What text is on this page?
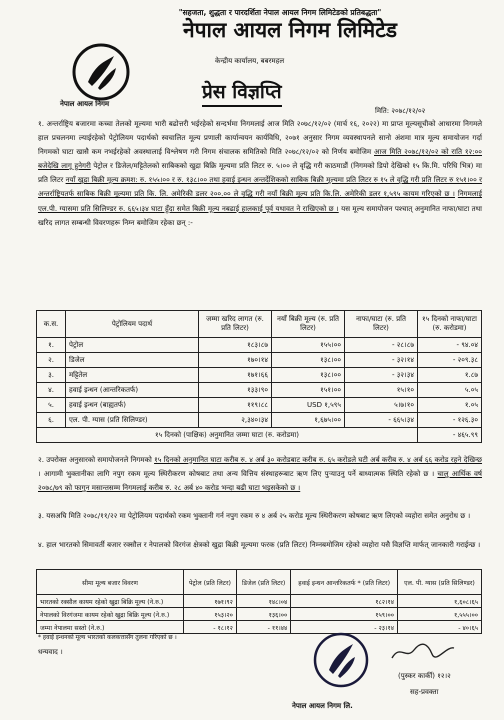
"सहजता, शुद्धता र पारदर्शिता नेपाल आयल निगम लिमिटेडको प्रतिबद्धता"
नेपाल आयल निगम
नेपाल आयल निगम लिमिटेड
केन्द्रीय कार्यालय, बबरमहल
प्रेस विज्ञप्ति
मिति: २०७८/१२/०२
१. अन्तर्राष्ट्रिय बजारमा कच्चा तेलको मूल्यमा भारी बढोत्तरी भईरहेको सन्दर्भमा निगमलाई आज मिति २०७८/१२/०२ (मार्च १६, २०२२) मा प्राप्त मूल्यसूचीको आधारमा निगमले हाल प्रचलनमा ल्याईरहेको पेट्रोलियम पदार्थको स्वचालित मूल्य प्रणाली कार्यान्वयन कार्यविधि, २०७१ अनुसार निगम व्यवस्थापनले सानो अंशमा मात्र मूल्य समायोजन गर्दा निगमको घाटा खासै कम नभईरहेको अवस्थालाई विश्लेषण गरी निगम संचालक समितिको मिति २०७८/१२/०२ को निर्णय बमोजिम आज मिति २०७८/१२/०२ को राति १२:०० बजेदेखि लागू हुनेगरी पेट्रोल र डिजेल/मट्टितेलको साबिकको खुद्रा बिक्रि मूल्यमा प्रति लिटर रु. ५।०० ले वृद्धि गरी काठमाडौं (निगमको डिपो देखिको १५ कि.मि. परिधि भित्र) मा प्रति लिटर नयाँ खुद्रा बिक्री मूल्य क्रमश: रु. १५५।०० र रु. १३८।०० तथा हवाई इन्धन अन्तर्देशिकको साबिक बिक्री मूल्यमा प्रति लिटर रु १५ ले वृद्धि गरी प्रति लिटर रु १५१।०० र अन्तर्राष्ट्रियतर्फ साबिक बिक्री मूल्यमा प्रति कि. लि. अमेरिकी डलर २००.०० ले वृद्धि गरी नयाँ बिक्री मूल्य प्रति कि.लि. अमेरिकी डलर १,५९५ कायम गरिएको छ । निगमलाई एल.पी. ग्यासमा प्रति सिलिण्डर रु. ६६५।३४ घाटा हुँदा समेत बिक्री मूल्य नबढाई हालकाई पूर्व यथावत ने राखिएको छ । यस मूल्य समायोजन पश्चात् अनुमानित नाफा/घाटा तथा खरिद लागत सम्बन्धी विवरणहरू निम्न बमोजिम रहेका छन् :-
क.स.	पेट्रोलियम पदार्थ	जम्मा खरिद लागत (रु. प्रति लिटर)	नयाँ बिक्री मूल्य (रु. प्रति लिटर)	नाफा/घाटा (रु. प्रति लिटर)	१५ दिनको नाफा/घाटा (रु. करोडमा)
१.	पेट्रोल	१८३।८७	१५५।००	- २८।८७	- ९४.०४
२.	डिजेल	१७०।१४	१३८।००	- ३२।१४	- २०९.३८
३.	मट्टितेल	१७१।६६	१३८।००	- ३२।३४	१.८७
४.	हवाई इन्धन (आन्तरिकतर्फ)	१३३।९०	१५१।००	१५।१०	५.०५
५.	हवाई इन्धन (बाह्यतर्फ)	११९।८८	USD १,५९५	५।७।१०	१.०५
६.	एल. पी. ग्यास (प्रति सिलिण्डर)	२,३४०।३४	१,६७५।००	- ६६५।३४	- १२६.३०
१५ दिनको (पाक्षिक) अनुमानित जम्मा घाटा (रु. करोडमा)					- ४६५.९९
२. उपरोक्त अनुसारको समायोजनले निगमको १५ दिनको अनुमानित घाटा करीब रु. ४ अर्ब ३० करोडबाट करीब रु. ६५ करोडले घटी अर्ब करीब रु. ४ अर्ब ६६ करोड रहने देखिन्छ । आगामी भुक्तानीका लागि नपुग रकम मूल्य स्थिरीकरण कोषबाट तथा अन्य वित्तिय संस्थाहरूबाट ऋण लिए पुऱ्याउनु पर्ने बाध्यात्मक स्थिति रहेको छ । चालु आर्थिक वर्ष २०७८/७९ को फागुन मसान्तसम्म निगमलाई करीब रु. २८ अर्ब ४० करोड भन्दा बढी घाटा भइसकेको छ ।
३. यसअघि मिति २०७८/११/२२ मा पेट्रोलियम पदार्थको रकम भुक्तानी गर्न नपुग रकम रु ४ अर्ब २५ करोड मूल्य स्थिरीकरण कोषबाट ऋण लिएको व्यहोरा समेत अनुरोध छ ।
४. हाल भारतको सिमावर्ती बजार रक्सौल र नेपालको विरगंज क्षेत्रको खुद्रा बिक्री मूल्यमा फरक (प्रति लिटर) निम्नबमोजिम रहेको व्यहोरा यसै विज्ञप्ति मार्फत् जानकारी गराईन्छ ।
सीमा मूल्य बजार विवरण	पेट्रोल (प्रति लिटर)	डिजेल (प्रति लिटर)	हवाई इन्धन आन्तरिकतर्फ * (प्रति लिटर)	एल. पी. ग्यास (प्रति सिलिण्डर)
भारतको रक्सौल कायम रहेको खुद्रा बिक्रि मूल्य (ने.रु.)	१७१।९२	१४८।०४	१८२।१४	१,६०८।६५
नेपालको विरगंजमा कायम रहेको खुद्रा बिक्रि मूल्य (ने.रु.)	१५३।२०	१३६।००	१५९।००	१,५५५।००
जम्मा नेपालमा सस्तो (ने.रु.)	- १८।१२	- ११।४४	- २३।१४	- ४०।६५
* हवाई इन्धनको मूल्य भारतको कलकत्तासँग तुलना गरिएको छ ।
धन्यवाद ।
नेपाल आयल निगम लि.
(पुस्कर कार्की) १२।२
सह-प्रवक्ता
